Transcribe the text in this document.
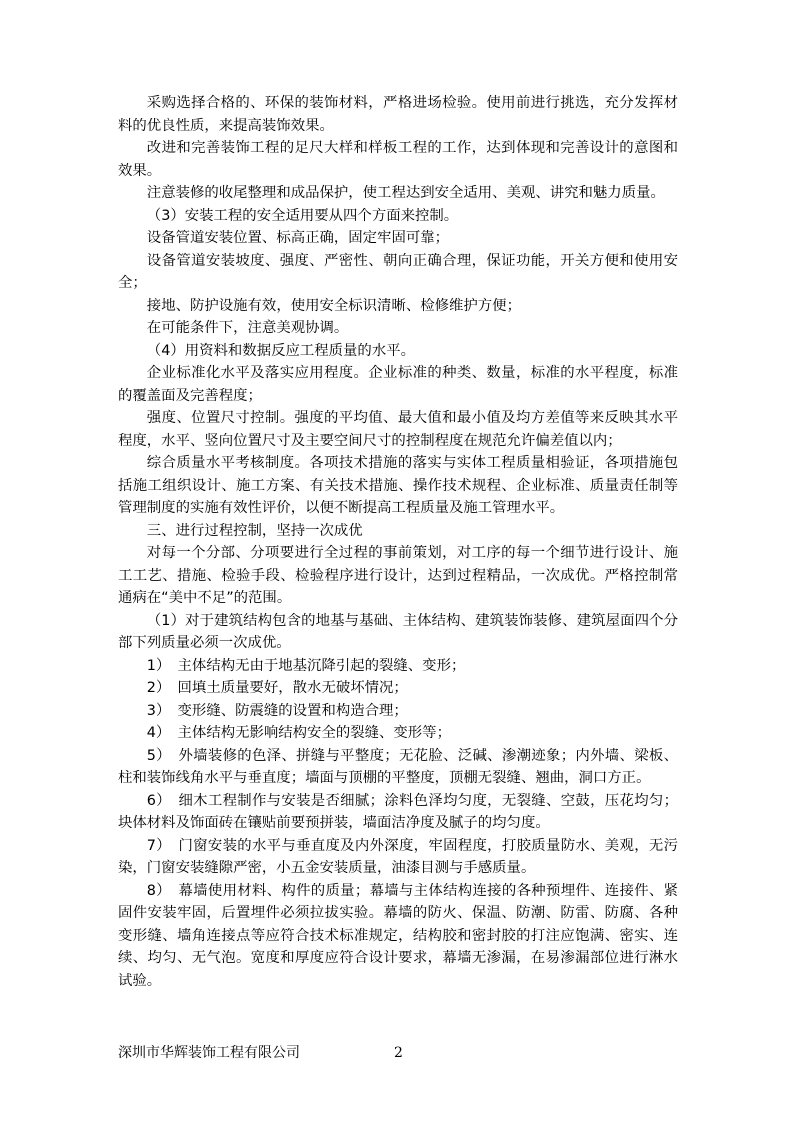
采购选择合格的、环保的装饰材料，严格进场检验。使用前进行挑选，充分发挥材料的优良性质，来提高装饰效果。

改进和完善装饰工程的足尺大样和样板工程的工作，达到体现和完善设计的意图和效果。

注意装修的收尾整理和成品保护，使工程达到安全适用、美观、讲究和魅力质量。

（3）安装工程的安全适用要从四个方面来控制。

设备管道安装位置、标高正确，固定牢固可靠；

设备管道安装坡度、强度、严密性、朝向正确合理，保证功能，开关方便和使用安全；

接地、防护设施有效，使用安全标识清晰、检修维护方便；

在可能条件下，注意美观协调。

（4）用资料和数据反应工程质量的水平。

企业标准化水平及落实应用程度。企业标准的种类、数量，标准的水平程度，标准的覆盖面及完善程度；

强度、位置尺寸控制。强度的平均值、最大值和最小值及均方差值等来反映其水平程度，水平、竖向位置尺寸及主要空间尺寸的控制程度在规范允许偏差值以内；

综合质量水平考核制度。各项技术措施的落实与实体工程质量相验证，各项措施包括施工组织设计、施工方案、有关技术措施、操作技术规程、企业标准、质量责任制等管理制度的实施有效性评价，以便不断提高工程质量及施工管理水平。

三、进行过程控制，坚持一次成优

对每一个分部、分项要进行全过程的事前策划，对工序的每一个细节进行设计、施工工艺、措施、检验手段、检验程序进行设计，达到过程精品，一次成优。严格控制常通病在“美中不足”的范围。

（1）对于建筑结构包含的地基与基础、主体结构、建筑装饰装修、建筑屋面四个分部下列质量必须一次成优。

1）　主体结构无由于地基沉降引起的裂缝、变形；

2）　回填土质量要好，散水无破坏情况；

3）　变形缝、防震缝的设置和构造合理；

4）　主体结构无影响结构安全的裂缝、变形等；

5）　外墙装修的色泽、拼缝与平整度；无花脸、泛碱、渗潮迹象；内外墙、梁板、柱和装饰线角水平与垂直度；墙面与顶棚的平整度，顶棚无裂缝、翘曲，洞口方正。

6）　细木工程制作与安装是否细腻；涂料色泽均匀度，无裂缝、空鼓，压花均匀；块体材料及饰面砖在镶贴前要预拼装，墙面洁净度及腻子的均匀度。

7）　门窗安装的水平与垂直度及内外深度，牢固程度，打胶质量防水、美观，无污染，门窗安装缝隙严密，小五金安装质量，油漆目测与手感质量。

8）　幕墙使用材料、构件的质量；幕墙与主体结构连接的各种预埋件、连接件、紧固件安装牢固，后置埋件必须拉拔实验。幕墙的防火、保温、防潮、防雷、防腐、各种变形缝、墙角连接点等应符合技术标准规定，结构胶和密封胶的打注应饱满、密实、连续、均匀、无气泡。宽度和厚度应符合设计要求，幕墙无渗漏，在易渗漏部位进行淋水试验。

深圳市华辉装饰工程有限公司	2
